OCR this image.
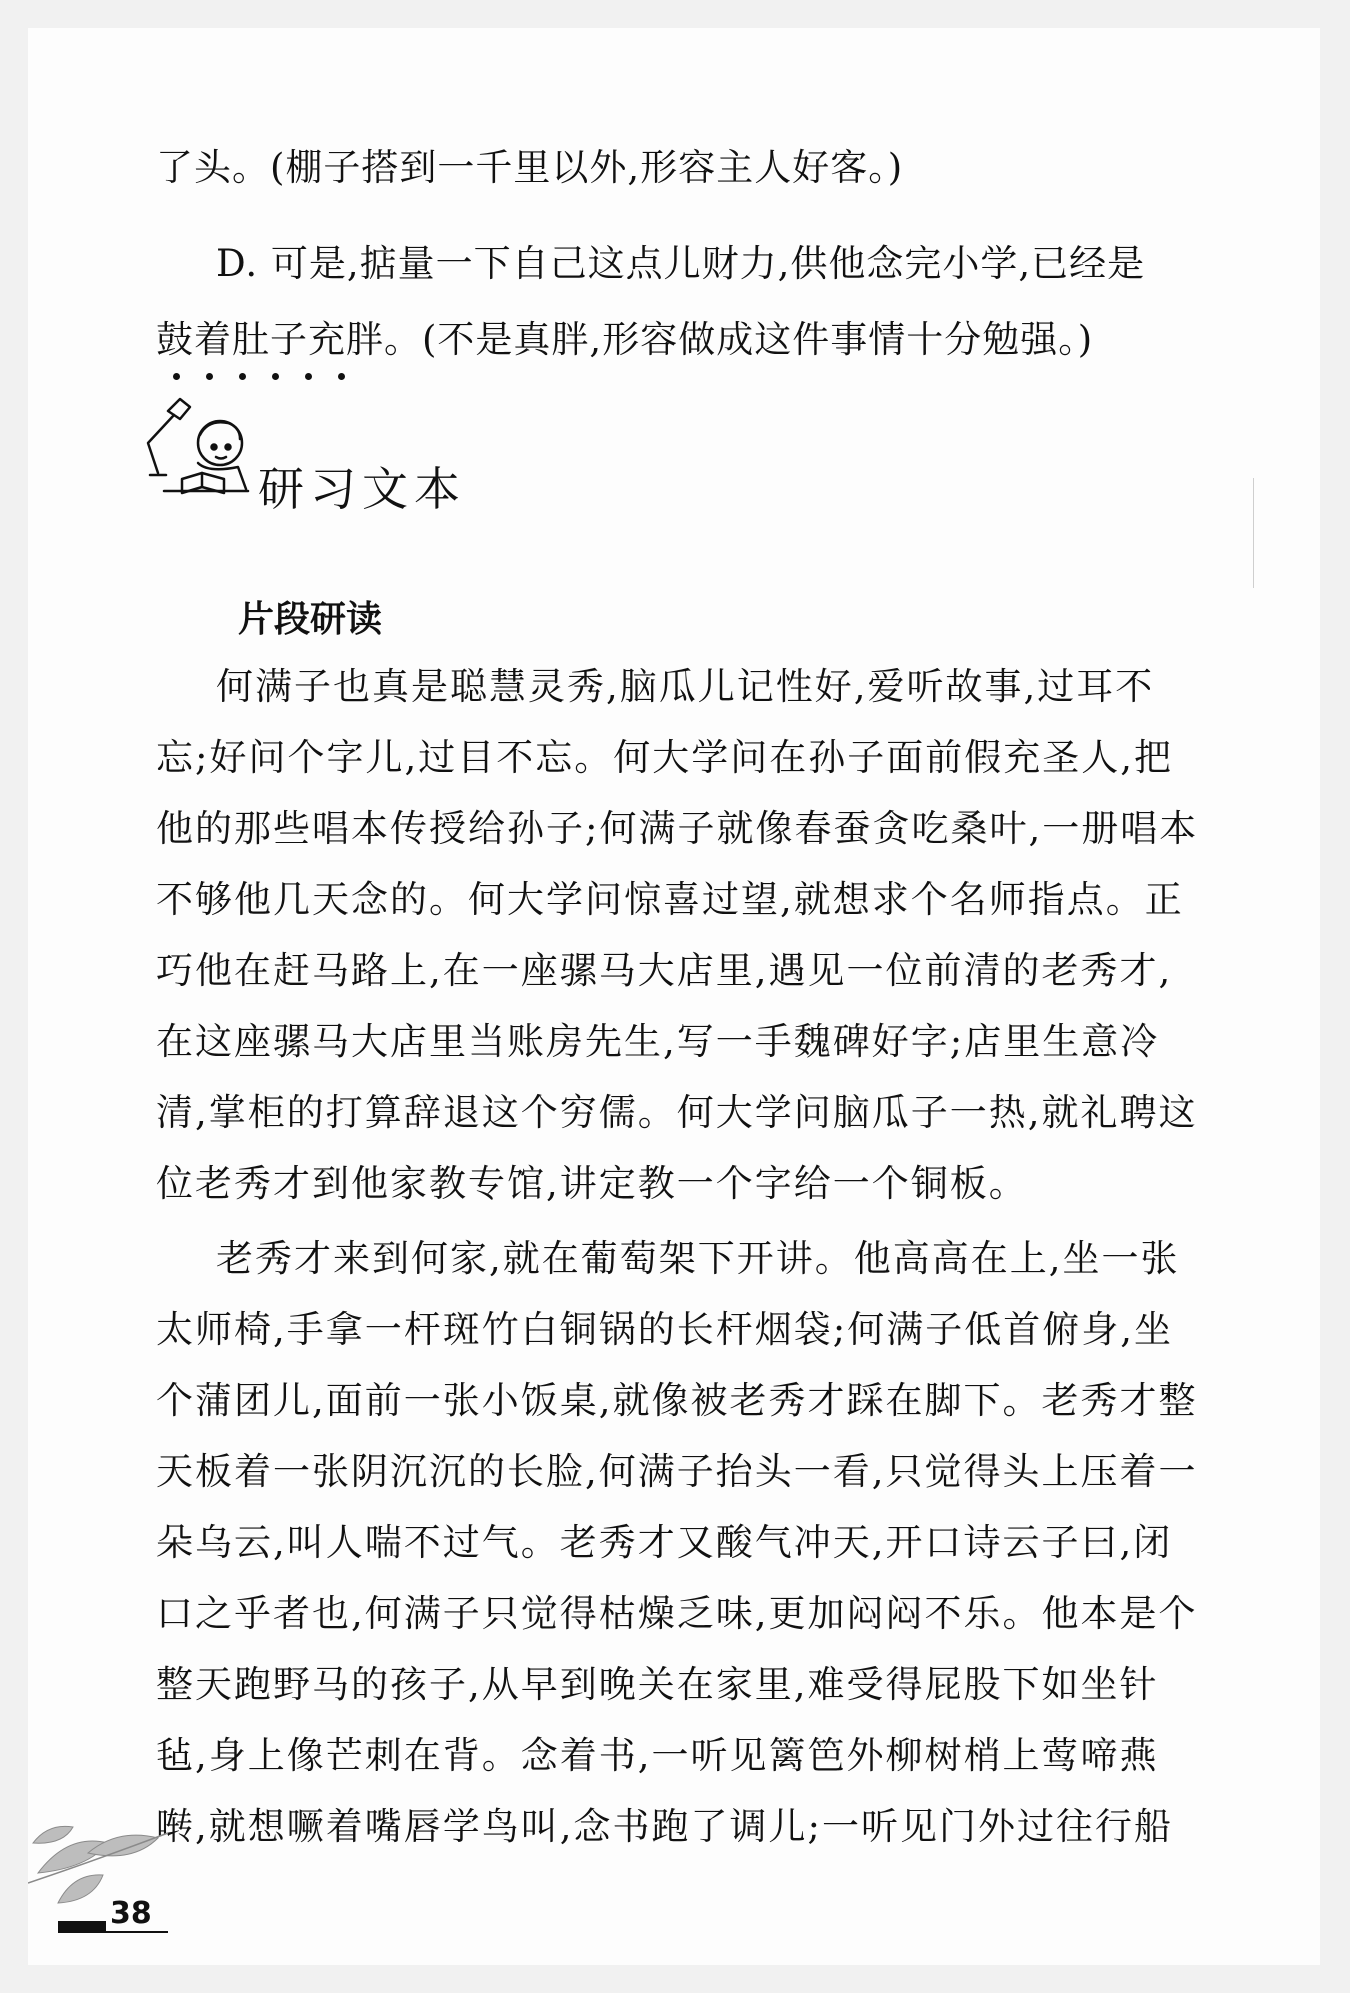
了头。(棚子搭到一千里以外,形容主人好客。)
D. 可是,掂量一下自己这点儿财力,供他念完小学,已经是
鼓着肚子充胖。(不是真胖,形容做成这件事情十分勉强。)
研习文本
片段研读
何满子也真是聪慧灵秀,脑瓜儿记性好,爱听故事,过耳不
忘;好问个字儿,过目不忘。何大学问在孙子面前假充圣人,把
他的那些唱本传授给孙子;何满子就像春蚕贪吃桑叶,一册唱本
不够他几天念的。何大学问惊喜过望,就想求个名师指点。正
巧他在赶马路上,在一座骡马大店里,遇见一位前清的老秀才,
在这座骡马大店里当账房先生,写一手魏碑好字;店里生意冷
清,掌柜的打算辞退这个穷儒。何大学问脑瓜子一热,就礼聘这
位老秀才到他家教专馆,讲定教一个字给一个铜板。
老秀才来到何家,就在葡萄架下开讲。他高高在上,坐一张
太师椅,手拿一杆斑竹白铜锅的长杆烟袋;何满子低首俯身,坐
个蒲团儿,面前一张小饭桌,就像被老秀才踩在脚下。老秀才整
天板着一张阴沉沉的长脸,何满子抬头一看,只觉得头上压着一
朵乌云,叫人喘不过气。老秀才又酸气冲天,开口诗云子曰,闭
口之乎者也,何满子只觉得枯燥乏味,更加闷闷不乐。他本是个
整天跑野马的孩子,从早到晚关在家里,难受得屁股下如坐针
毡,身上像芒刺在背。念着书,一听见篱笆外柳树梢上莺啼燕
啭,就想噘着嘴唇学鸟叫,念书跑了调儿;一听见门外过往行船
38
